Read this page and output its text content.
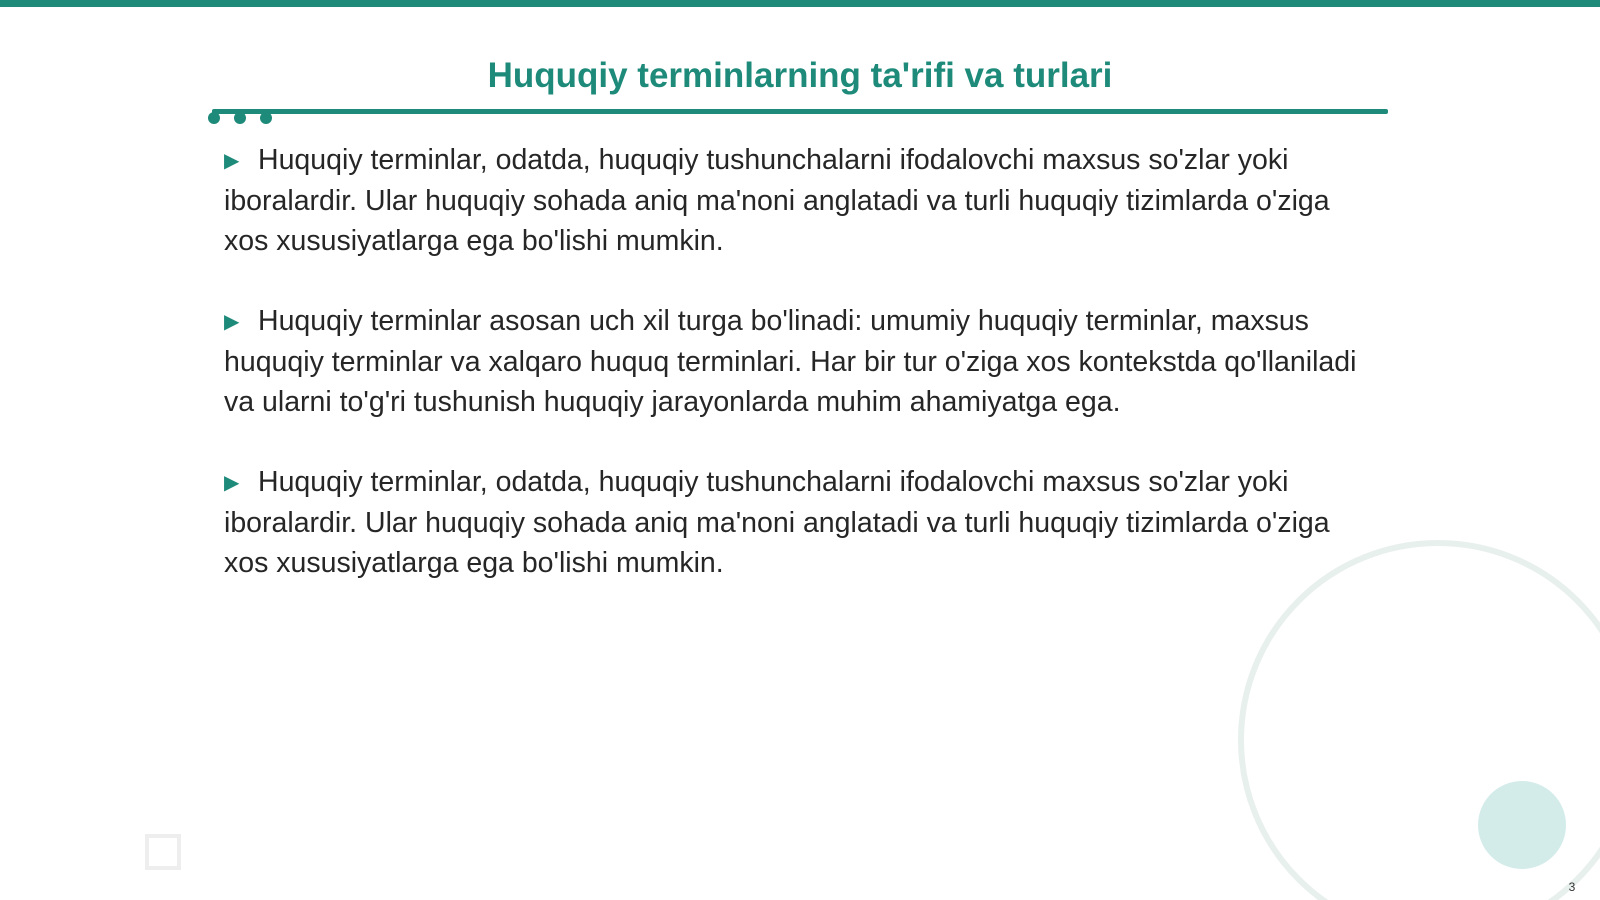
Huquqiy terminlarning ta'rifi va turlari

▶ Huquqiy terminlar, odatda, huquqiy tushunchalarni ifodalovchi maxsus so'zlar yoki iboralardir. Ular huquqiy sohada aniq ma'noni anglatadi va turli huquqiy tizimlarda o'ziga xos xususiyatlarga ega bo'lishi mumkin.

▶ Huquqiy terminlar asosan uch xil turga bo'linadi: umumiy huquqiy terminlar, maxsus huquqiy terminlar va xalqaro huquq terminlari. Har bir tur o'ziga xos kontekstda qo'llaniladi va ularni to'g'ri tushunish huquqiy jarayonlarda muhim ahamiyatga ega.

▶ Huquqiy terminlar, odatda, huquqiy tushunchalarni ifodalovchi maxsus so'zlar yoki iboralardir. Ular huquqiy sohada aniq ma'noni anglatadi va turli huquqiy tizimlarda o'ziga xos xususiyatlarga ega bo'lishi mumkin.

3
